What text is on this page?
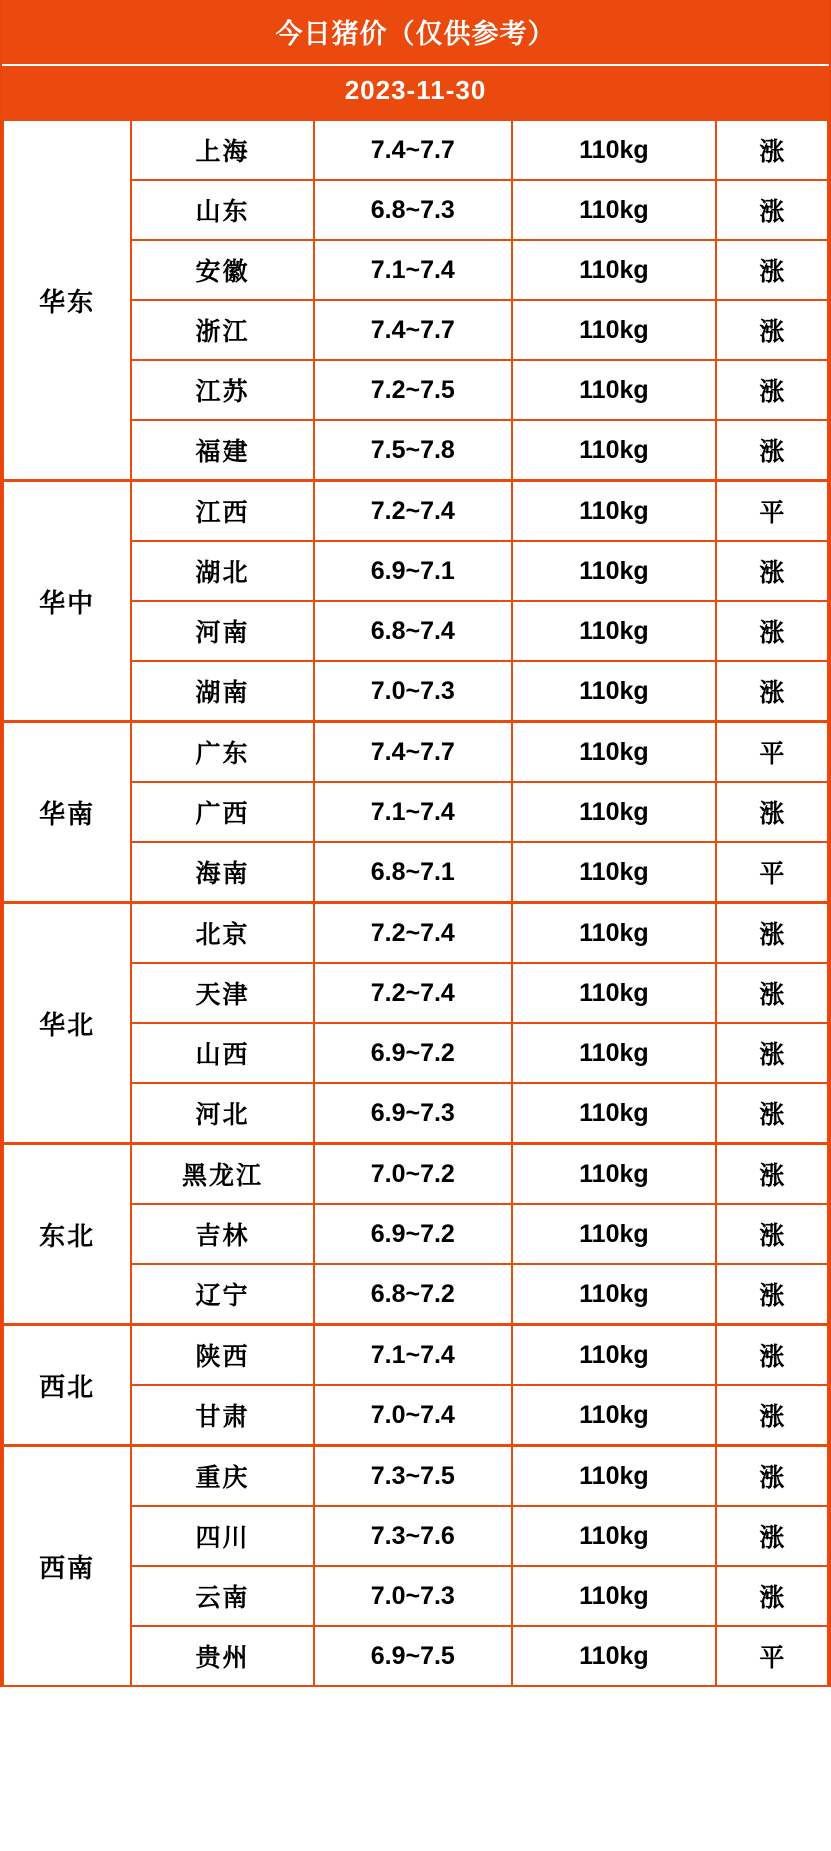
今日猪价（仅供参考）
2023-11-30
华东	上海	7.4~7.7	110kg	涨
	山东	6.8~7.3	110kg	涨
	安徽	7.1~7.4	110kg	涨
	浙江	7.4~7.7	110kg	涨
	江苏	7.2~7.5	110kg	涨
	福建	7.5~7.8	110kg	涨
华中	江西	7.2~7.4	110kg	平
	湖北	6.9~7.1	110kg	涨
	河南	6.8~7.4	110kg	涨
	湖南	7.0~7.3	110kg	涨
华南	广东	7.4~7.7	110kg	平
	广西	7.1~7.4	110kg	涨
	海南	6.8~7.1	110kg	平
华北	北京	7.2~7.4	110kg	涨
	天津	7.2~7.4	110kg	涨
	山西	6.9~7.2	110kg	涨
	河北	6.9~7.3	110kg	涨
东北	黑龙江	7.0~7.2	110kg	涨
	吉林	6.9~7.2	110kg	涨
	辽宁	6.8~7.2	110kg	涨
西北	陕西	7.1~7.4	110kg	涨
	甘肃	7.0~7.4	110kg	涨
西南	重庆	7.3~7.5	110kg	涨
	四川	7.3~7.6	110kg	涨
	云南	7.0~7.3	110kg	涨
	贵州	6.9~7.5	110kg	平
